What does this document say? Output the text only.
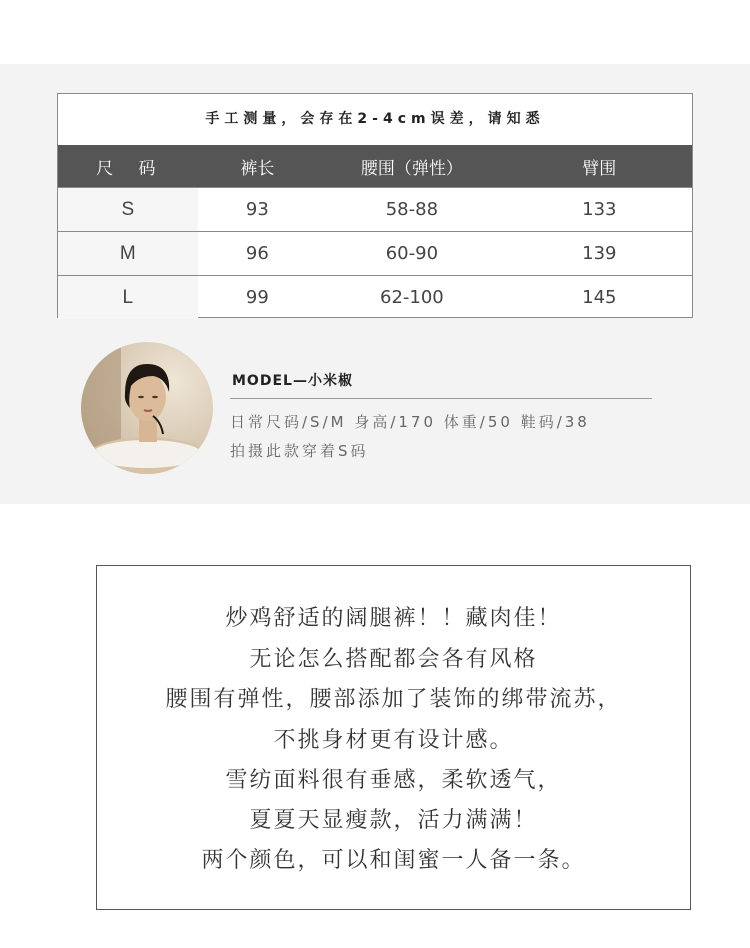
手工测量，会存在2-4cm误差，请知悉
尺 码	裤长	腰围（弹性）	臂围
S	93	58-88	133
M	96	60-90	139
L	99	62-100	145
MODEL—小米椒
日常尺码/S/M 身高/170 体重/50 鞋码/38
拍摄此款穿着S码
炒鸡舒适的阔腿裤！！藏肉佳！
无论怎么搭配都会各有风格
腰围有弹性，腰部添加了装饰的绑带流苏，
不挑身材更有设计感。
雪纺面料很有垂感，柔软透气，
夏夏天显瘦款，活力满满！
两个颜色，可以和闺蜜一人备一条。
